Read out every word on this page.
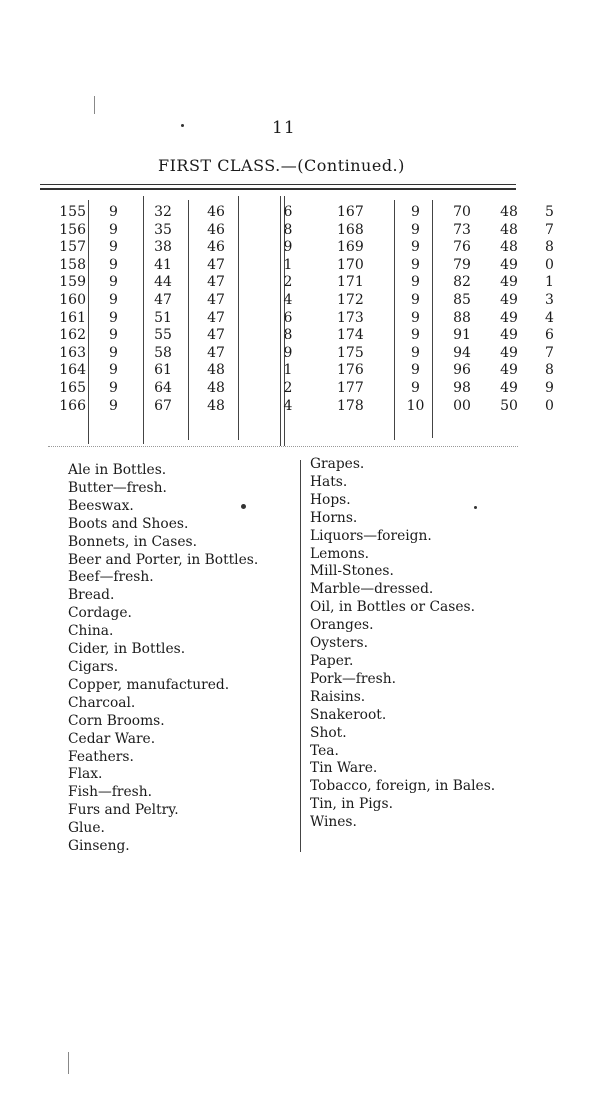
11
FIRST CLASS.—(Continued.)
155	9	32	46	6	167	9	70	48	5
156	9	35	46	8	168	9	73	48	7
157	9	38	46	9	169	9	76	48	8
158	9	41	47	1	170	9	79	49	0
159	9	44	47	2	171	9	82	49	1
160	9	47	47	4	172	9	85	49	3
161	9	51	47	6	173	9	88	49	4
162	9	55	47	8	174	9	91	49	6
163	9	58	47	9	175	9	94	49	7
164	9	61	48	1	176	9	96	49	8
165	9	64	48	2	177	9	98	49	9
166	9	67	48	4	178	10	00	50	0
Ale in Bottles.
Butter—fresh.
Beeswax.
Boots and Shoes.
Bonnets, in Cases.
Beer and Porter, in Bottles.
Beef—fresh.
Bread.
Cordage.
China.
Cider, in Bottles.
Cigars.
Copper, manufactured.
Charcoal.
Corn Brooms.
Cedar Ware.
Feathers.
Flax.
Fish—fresh.
Furs and Peltry.
Glue.
Ginseng.
Grapes.
Hats.
Hops.
Horns.
Liquors—foreign.
Lemons.
Mill-Stones.
Marble—dressed.
Oil, in Bottles or Cases.
Oranges.
Oysters.
Paper.
Pork—fresh.
Raisins.
Snakeroot.
Shot.
Tea.
Tin Ware.
Tobacco, foreign, in Bales.
Tin, in Pigs.
Wines.
